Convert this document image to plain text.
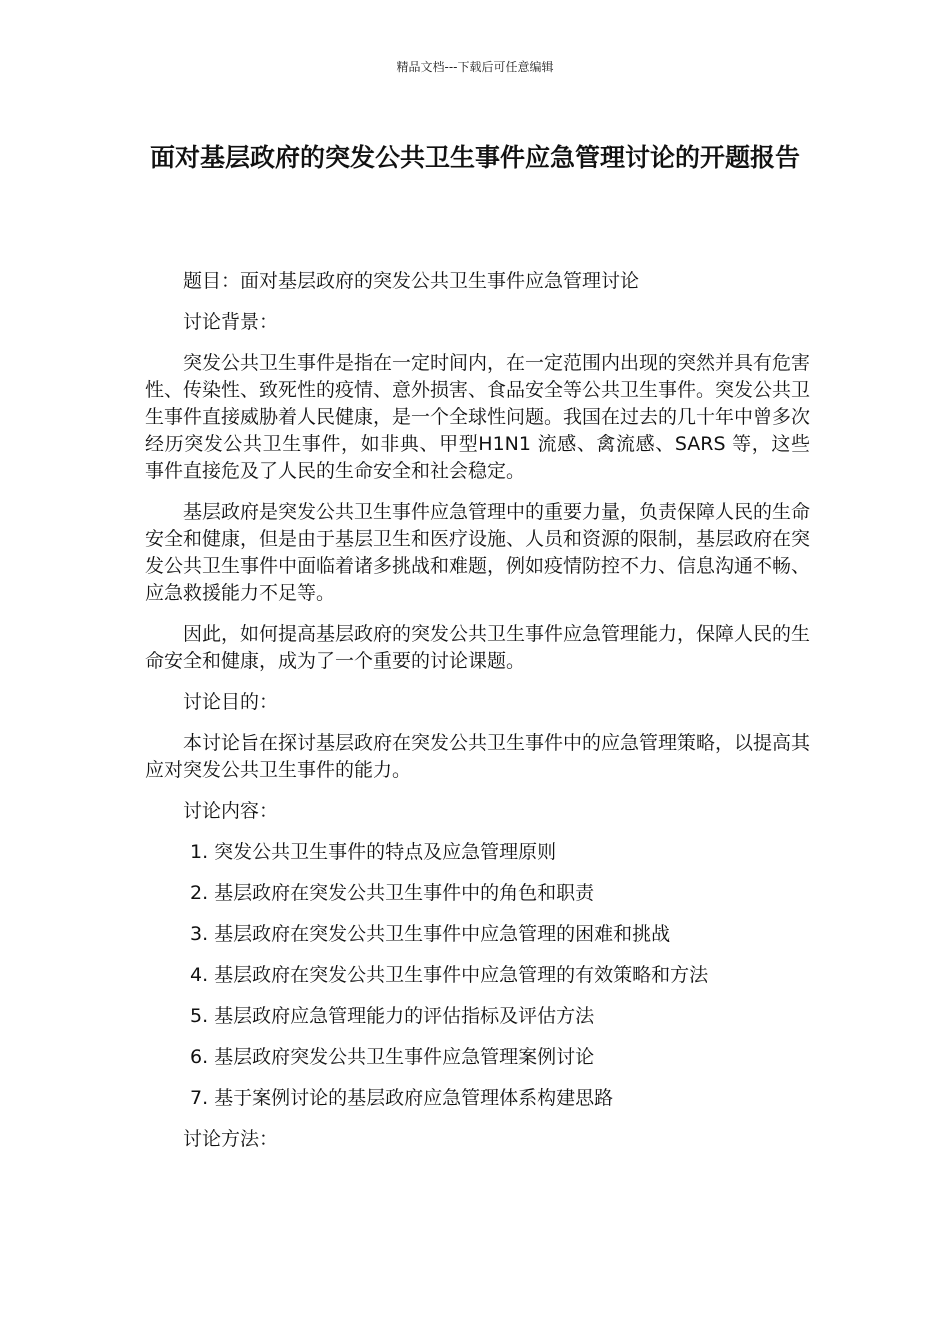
精品文档---下载后可任意编辑
面对基层政府的突发公共卫生事件应急管理讨论的开题报告

题目：面对基层政府的突发公共卫生事件应急管理讨论

讨论背景：

突发公共卫生事件是指在一定时间内，在一定范围内出现的突然并具有危害性、传染性、致死性的疫情、意外损害、食品安全等公共卫生事件。突发公共卫生事件直接威胁着人民健康，是一个全球性问题。我国在过去的几十年中曾多次经历突发公共卫生事件，如非典、甲型H1N1 流感、禽流感、SARS 等，这些事件直接危及了人民的生命安全和社会稳定。

基层政府是突发公共卫生事件应急管理中的重要力量，负责保障人民的生命安全和健康，但是由于基层卫生和医疗设施、人员和资源的限制，基层政府在突发公共卫生事件中面临着诸多挑战和难题，例如疫情防控不力、信息沟通不畅、应急救援能力不足等。

因此，如何提高基层政府的突发公共卫生事件应急管理能力，保障人民的生命安全和健康，成为了一个重要的讨论课题。

讨论目的：

本讨论旨在探讨基层政府在突发公共卫生事件中的应急管理策略，以提高其应对突发公共卫生事件的能力。

讨论内容：

1. 突发公共卫生事件的特点及应急管理原则

2. 基层政府在突发公共卫生事件中的角色和职责

3. 基层政府在突发公共卫生事件中应急管理的困难和挑战

4. 基层政府在突发公共卫生事件中应急管理的有效策略和方法

5. 基层政府应急管理能力的评估指标及评估方法

6. 基层政府突发公共卫生事件应急管理案例讨论

7. 基于案例讨论的基层政府应急管理体系构建思路

讨论方法：
